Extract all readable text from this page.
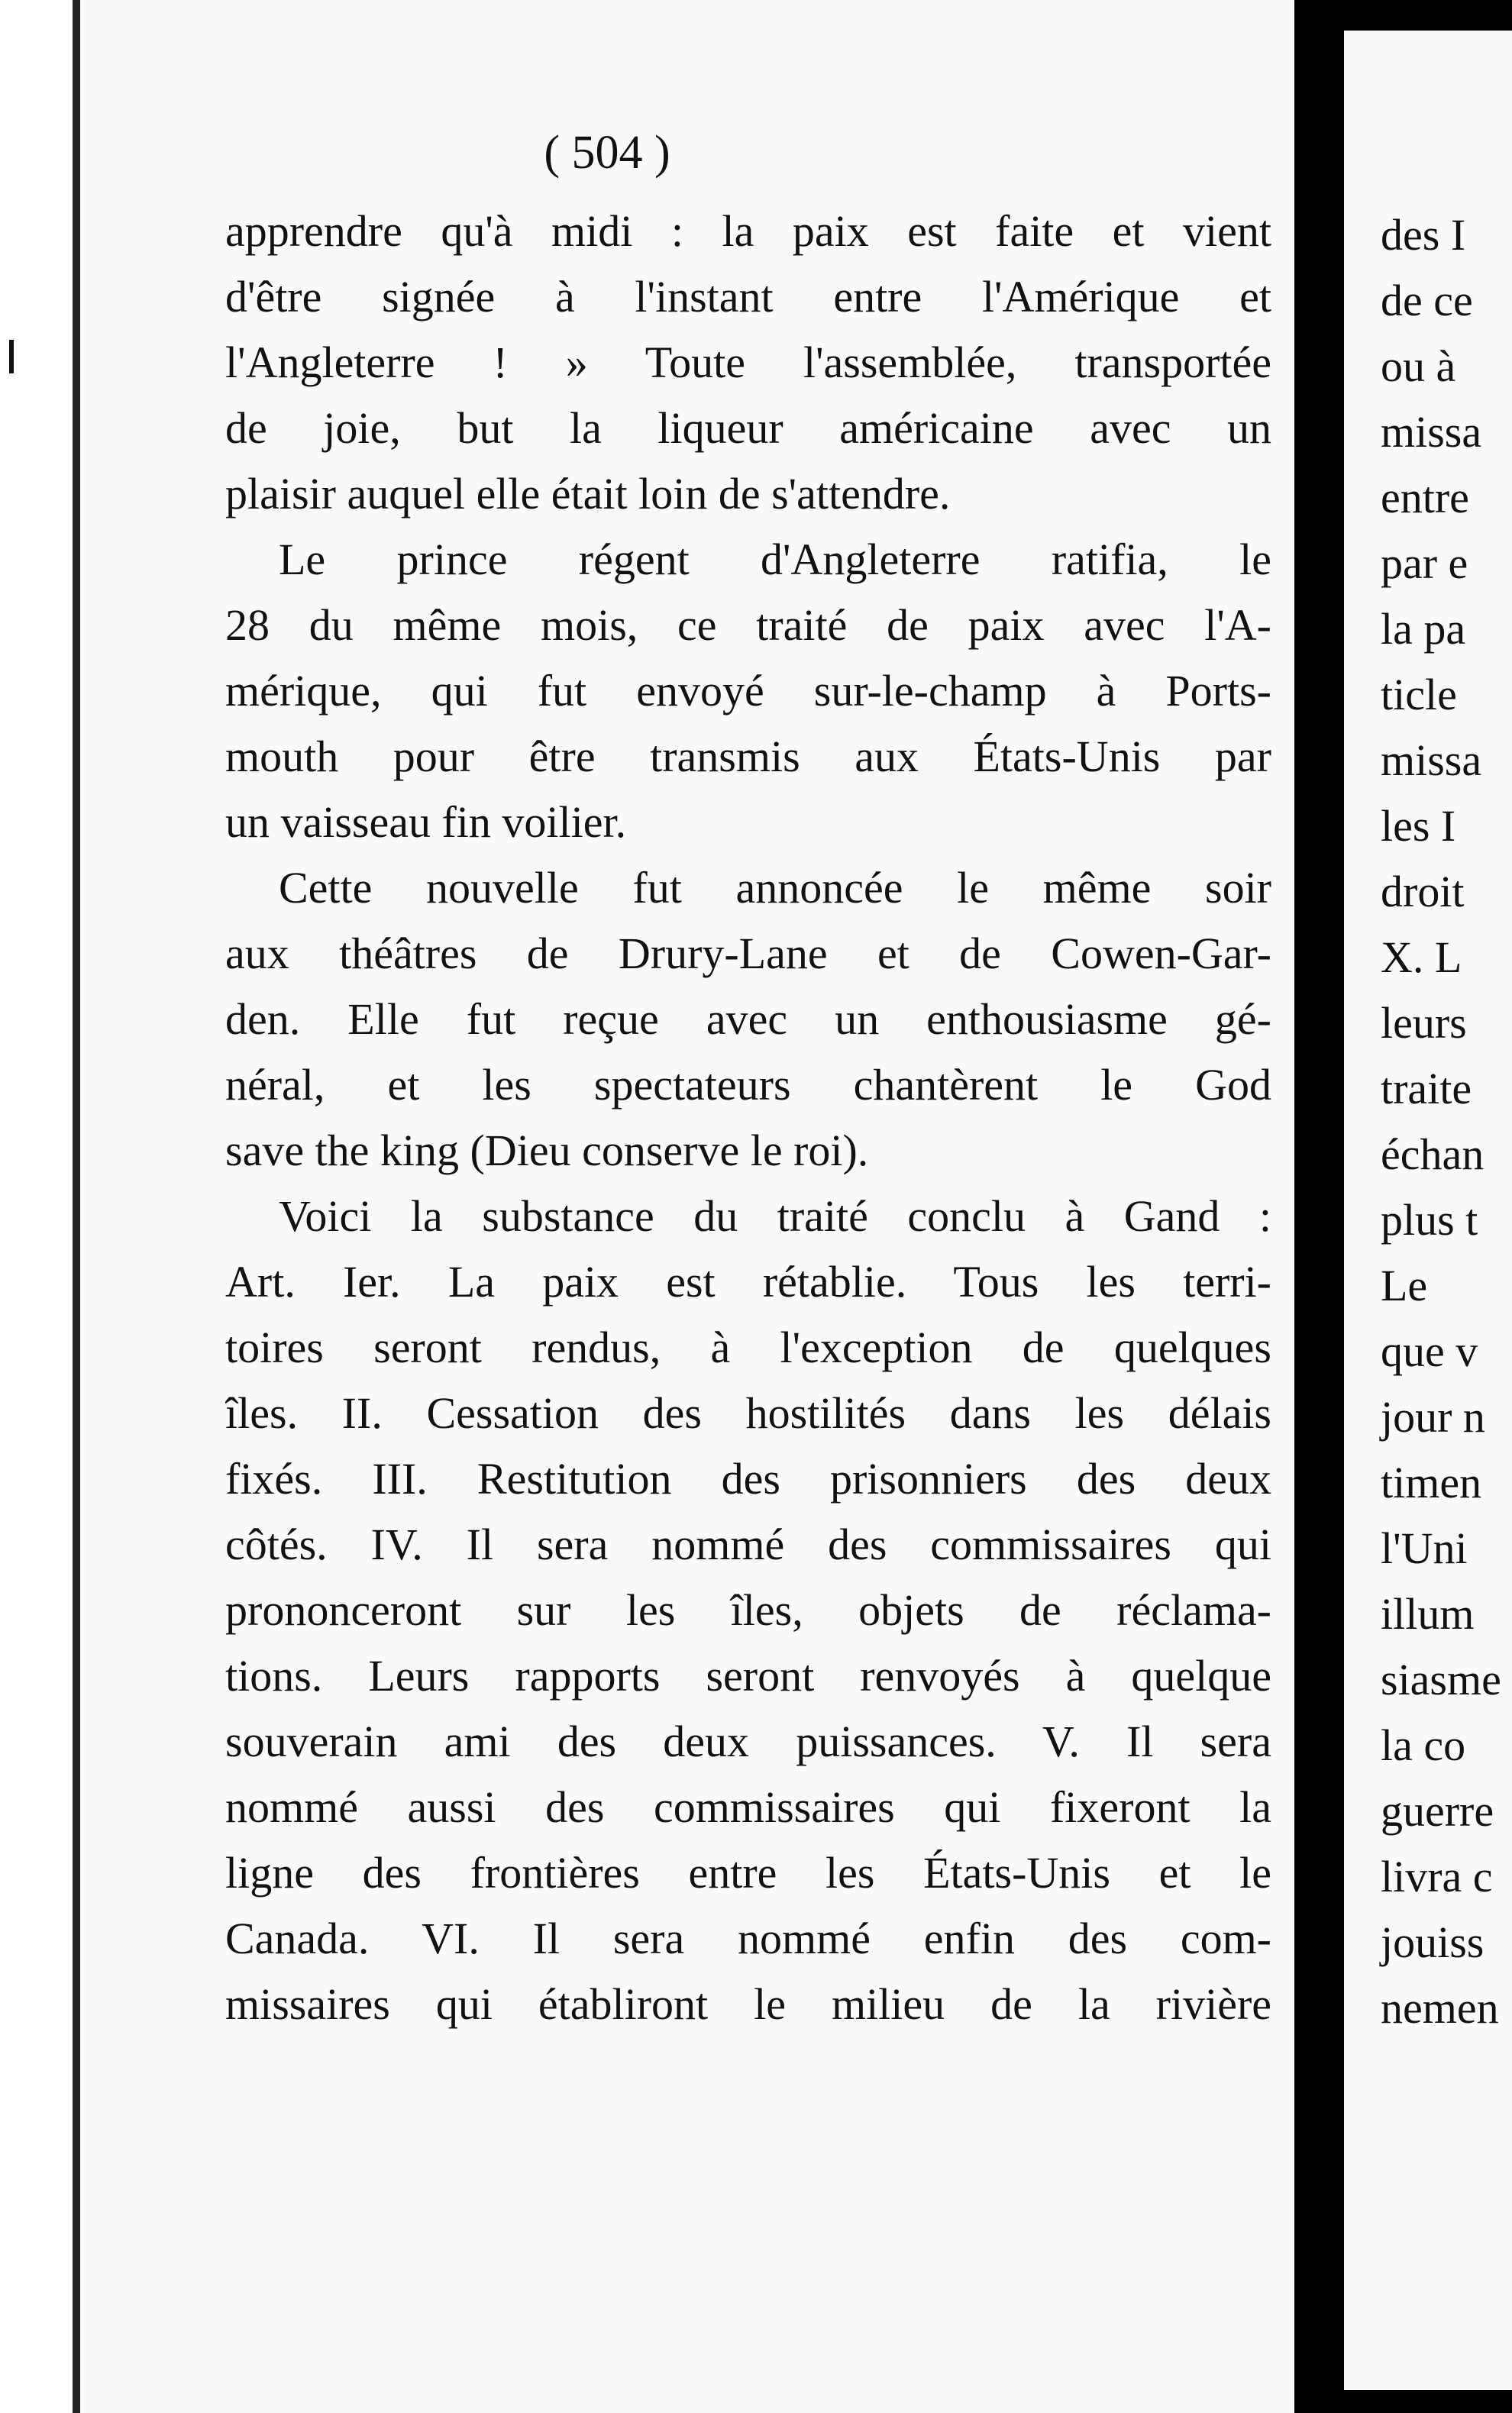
( 504 )
apprendre qu'à midi : la paix est faite et vient
d'être signée à l'instant entre l'Amérique et
l'Angleterre ! » Toute l'assemblée, transportée
de joie, but la liqueur américaine avec un
plaisir auquel elle était loin de s'attendre.
Le prince régent d'Angleterre ratifia, le
28 du même mois, ce traité de paix avec l'A-
mérique, qui fut envoyé sur-le-champ à Ports-
mouth pour être transmis aux États-Unis par
un vaisseau fin voilier.
Cette nouvelle fut annoncée le même soir
aux théâtres de Drury-Lane et de Cowen-Gar-
den. Elle fut reçue avec un enthousiasme gé-
néral, et les spectateurs chantèrent le God
save the king (Dieu conserve le roi).
Voici la substance du traité conclu à Gand :
Art. Ier. La paix est rétablie. Tous les terri-
toires seront rendus, à l'exception de quelques
îles. II. Cessation des hostilités dans les délais
fixés. III. Restitution des prisonniers des deux
côtés. IV. Il sera nommé des commissaires qui
prononceront sur les îles, objets de réclama-
tions. Leurs rapports seront renvoyés à quelque
souverain ami des deux puissances. V. Il sera
nommé aussi des commissaires qui fixeront la
ligne des frontières entre les États-Unis et le
Canada. VI. Il sera nommé enfin des com-
missaires qui établiront le milieu de la rivière
des I
de ce
ou à
missa
entre
par e
la pa
ticle
missa
les I
droit
X. L
leurs
traite
échan
plus t
Le
que v
jour n
timen
l'Uni
illum
siasme
la co
guerre
livra c
jouiss
nemen
